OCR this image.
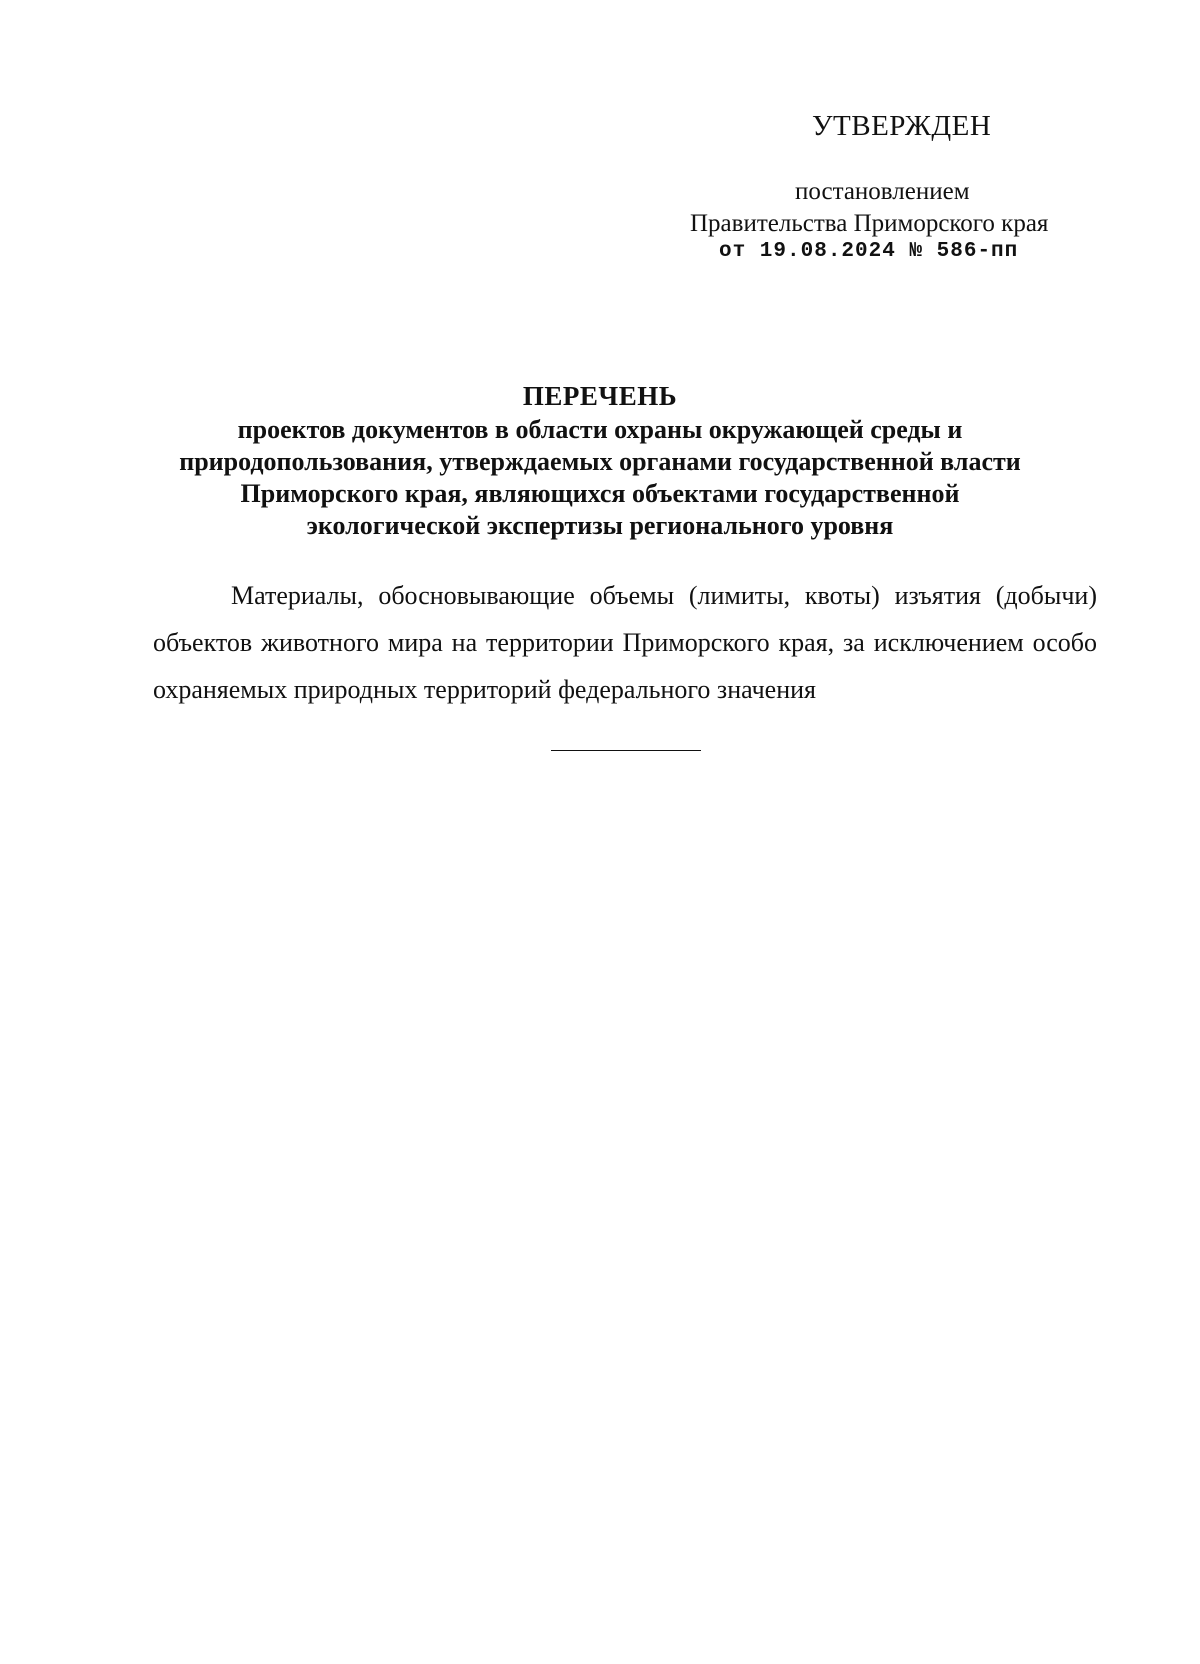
УТВЕРЖДЕН
постановлением
Правительства Приморского края
от 19.08.2024 № 586-пп

ПЕРЕЧЕНЬ

проектов документов в области охраны окружающей среды и

природопользования, утверждаемых органами государственной власти

Приморского края, являющихся объектами государственной

экологической экспертизы регионального уровня

Материалы, обосновывающие объемы (лимиты, квоты) изъятия (добычи) объектов животного мира на территории Приморского края, за исключением особо охраняемых природных территорий федерального значения
